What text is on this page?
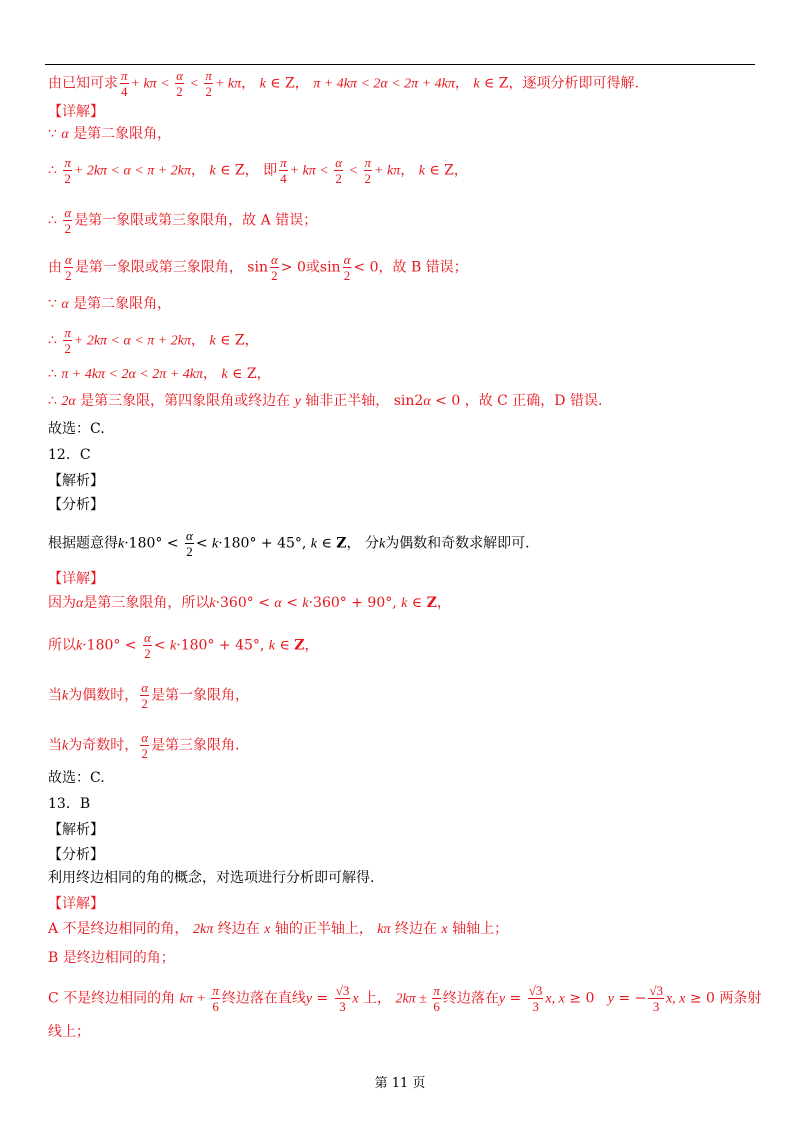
由已知可求 $\frac{\pi}{4} + k\pi < \frac{\alpha}{2} < \frac{\pi}{2} + k\pi$， k ∈ Z， π + 4kπ < 2α < 2π + 4kπ， k ∈ Z，逐项分析即可得解.
【详解】
∵ α 是第二象限角，
∴ $\frac{\pi}{2} + 2k\pi < \alpha < \pi + 2k\pi$， k ∈ Z， 即 $\frac{\pi}{4} + k\pi < \frac{\alpha}{2} < \frac{\pi}{2} + k\pi$， k ∈ Z，
∴ $\frac{\alpha}{2}$ 是第一象限或第三象限角，故 A 错误；
由 $\frac{\alpha}{2}$ 是第一象限或第三象限角， $\sin \frac{\alpha}{2} > 0$或$\sin \frac{\alpha}{2} < 0$，故 B 错误；
∵ α 是第二象限角，
∴ $\frac{\pi}{2} + 2k\pi < \alpha < \pi + 2k\pi$， k ∈ Z，
∴ π + 4kπ < 2α < 2π + 4kπ， k ∈ Z，
∴ 2α 是第三象限，第四象限角或终边在 y 轴非正半轴， sin2α < 0 ，故 C 正确，D 错误.
故选：C.
12．C
【解析】
【分析】
根据题意得$k\cdot 180^\circ < \frac{\alpha}{2} < k\cdot 180^\circ + 45^\circ$, k ∈ Z， 分k为偶数和奇数求解即可.
【详解】
因为α是第三象限角，所以k·360° < α < k·360° + 90°, k ∈ Z，
所以$k\cdot 180^\circ < \frac{\alpha}{2} < k\cdot 180^\circ + 45^\circ$, k ∈ Z，
当k为偶数时， $\frac{\alpha}{2}$ 是第一象限角，
当k为奇数时， $\frac{\alpha}{2}$ 是第三象限角.
故选：C.
13．B
【解析】
【分析】
利用终边相同的角的概念，对选项进行分析即可解得.
【详解】
A 不是终边相同的角， 2kπ 终边在 x 轴的正半轴上， kπ 终边在 x 轴轴上；
B 是终边相同的角；
C 不是终边相同的角 $k\pi + \frac{\pi}{6}$ 终边落在直线$y = \frac{√3}{3}$ x 上， $2k\pi \pm \frac{\pi}{6}$ 终边落在$y = \frac{√3}{3} x$, x ≥ 0   y = − $\frac{√3}{3} x$, x ≥ 0 两条射
线上；
第 11 页
